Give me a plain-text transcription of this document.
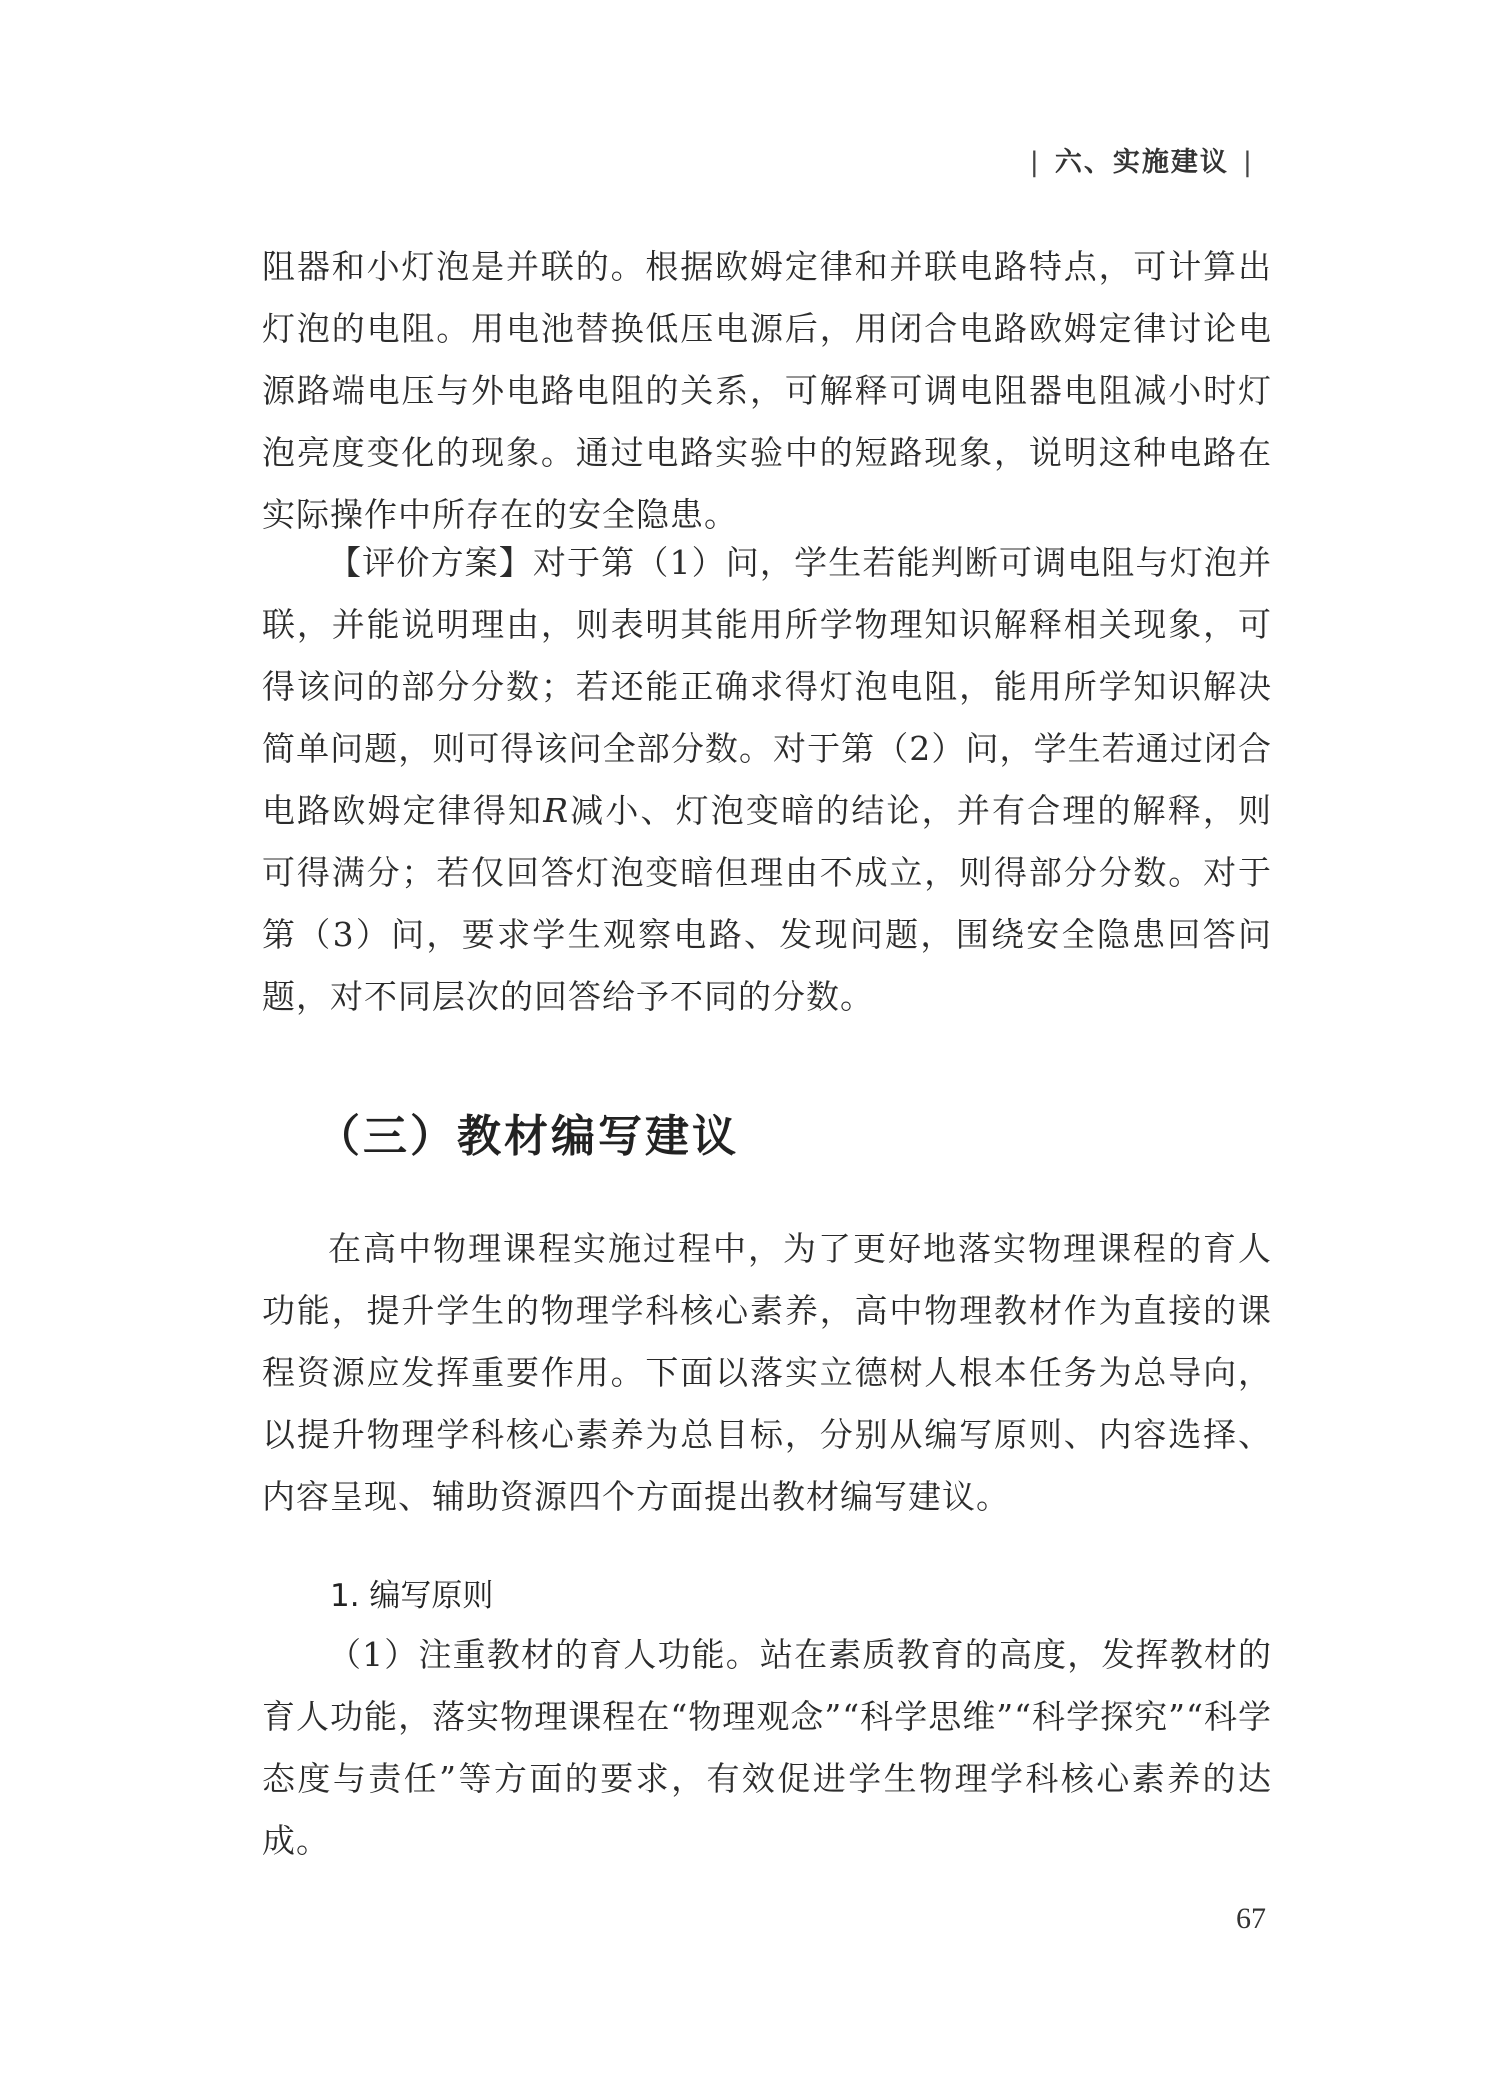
| 六、实施建议 |

阻器和小灯泡是并联的。根据欧姆定律和并联电路特点，可计算出灯泡的电阻。用电池替换低压电源后，用闭合电路欧姆定律讨论电源路端电压与外电路电阻的关系，可解释可调电阻器电阻减小时灯泡亮度变化的现象。通过电路实验中的短路现象，说明这种电路在实际操作中所存在的安全隐患。

【评价方案】对于第（1）问，学生若能判断可调电阻与灯泡并联，并能说明理由，则表明其能用所学物理知识解释相关现象，可得该问的部分分数；若还能正确求得灯泡电阻，能用所学知识解决简单问题，则可得该问全部分数。对于第（2）问，学生若通过闭合电路欧姆定律得知R减小、灯泡变暗的结论，并有合理的解释，则可得满分；若仅回答灯泡变暗但理由不成立，则得部分分数。对于第（3）问，要求学生观察电路、发现问题，围绕安全隐患回答问题，对不同层次的回答给予不同的分数。

（三）教材编写建议

在高中物理课程实施过程中，为了更好地落实物理课程的育人功能，提升学生的物理学科核心素养，高中物理教材作为直接的课程资源应发挥重要作用。下面以落实立德树人根本任务为总导向，以提升物理学科核心素养为总目标，分别从编写原则、内容选择、内容呈现、辅助资源四个方面提出教材编写建议。

1. 编写原则

（1）注重教材的育人功能。站在素质教育的高度，发挥教材的育人功能，落实物理课程在“物理观念”“科学思维”“科学探究”“科学态度与责任”等方面的要求，有效促进学生物理学科核心素养的达成。

67
